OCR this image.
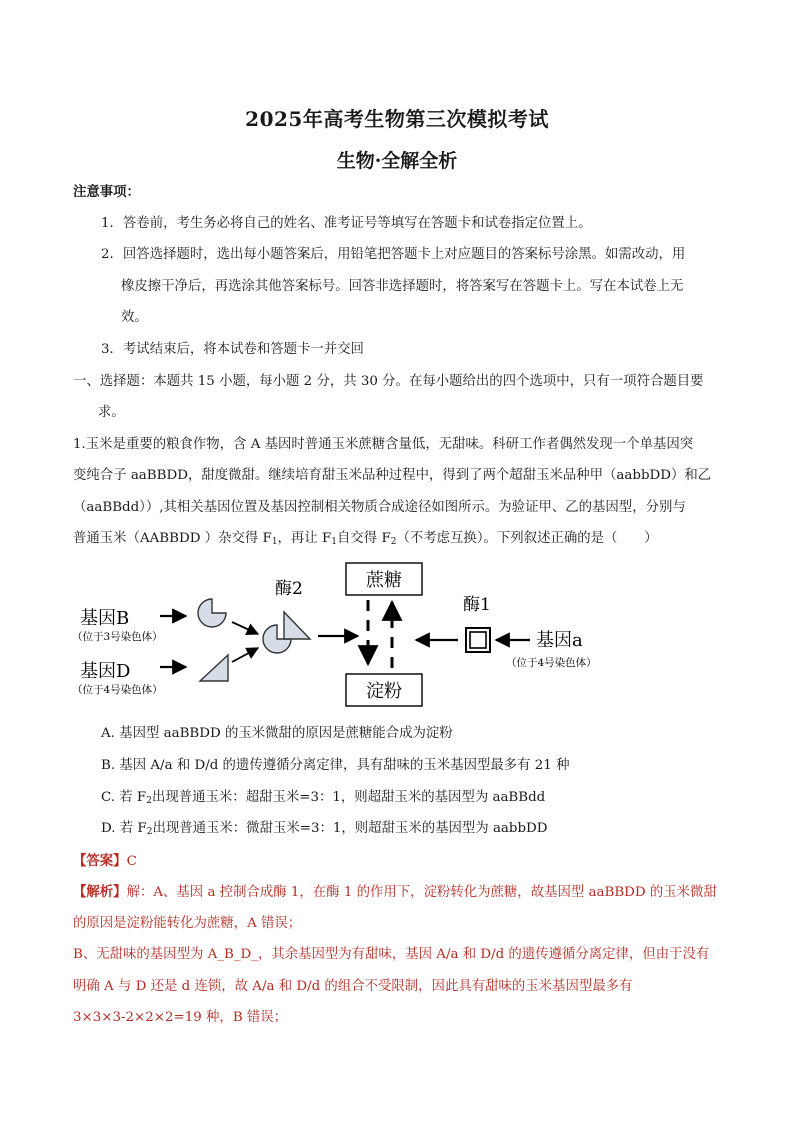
2025年高考生物第三次模拟考试
生物·全解全析
注意事项：
1．答卷前，考生务必将自己的姓名、准考证号等填写在答题卡和试卷指定位置上。
2．回答选择题时，选出每小题答案后，用铅笔把答题卡上对应题目的答案标号涂黑。如需改动，用
橡皮擦干净后，再选涂其他答案标号。回答非选择题时，将答案写在答题卡上。写在本试卷上无
效。
3．考试结束后，将本试卷和答题卡一并交回
一、选择题：本题共 15 小题，每小题 2 分，共 30 分。在每小题给出的四个选项中，只有一项符合题目要
求。
1.玉米是重要的粮食作物，含 A 基因时普通玉米蔗糖含量低，无甜味。科研工作者偶然发现一个单基因突
变纯合子 aaBBDD，甜度微甜。继续培育甜玉米品种过程中，得到了两个超甜玉米品种甲（aabbDD）和乙
（aaBBdd））,其相关基因位置及基因控制相关物质合成途径如图所示。为验证甲、乙的基因型，分别与
普通玉米（AABBDD ）杂交得 $F_1$，再让 $F_1$自交得 $F_2$（不考虑互换）。下列叙述正确的是（　　）
基因B
（位于3号染色体）
基因D
（位于4号染色体）
酶2	蔗糖
淀粉
酶1
基因a
（位于4号染色体）
A. 基因型 aaBBDD 的玉米微甜的原因是蔗糖能合成为淀粉
B. 基因 A/a 和 D/d 的遗传遵循分离定律，具有甜味的玉米基因型最多有 21 种
C. 若 $F_2$出现普通玉米：超甜玉米=3：1，则超甜玉米的基因型为 aaBBdd
D. 若 $F_2$出现普通玉米：微甜玉米=3：1，则超甜玉米的基因型为 aabbDD
【答案】C
【解析】解：A、基因 a 控制合成酶 1，在酶 1 的作用下，淀粉转化为蔗糖，故基因型 aaBBDD 的玉米微甜
的原因是淀粉能转化为蔗糖，A 错误；
B、无甜味的基因型为 A_B_D_，其余基因型为有甜味，基因 A/a 和 D/d 的遗传遵循分离定律，但由于没有
明确 A 与 D 还是 d 连锁，故 A/a 和 D/d 的组合不受限制，因此具有甜味的玉米基因型最多有
3×3×3-2×2×2=19 种，B 错误；
